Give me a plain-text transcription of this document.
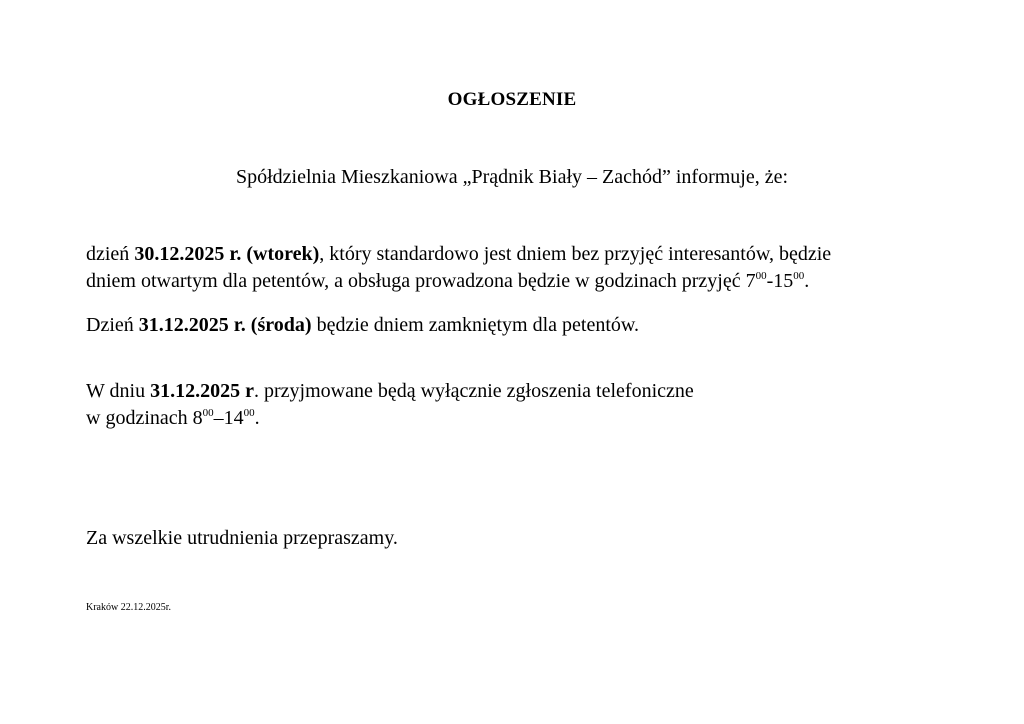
OGŁOSZENIE
Spółdzielnia Mieszkaniowa „Prądnik Biały – Zachód” informuje, że:
dzień 30.12.2025 r. (wtorek), który standardowo jest dniem bez przyjęć interesantów, będzie
dniem otwartym dla petentów, a obsługa prowadzona będzie w godzinach przyjęć $7^{00}-15^{00}$.
Dzień 31.12.2025 r. (środa) będzie dniem zamkniętym dla petentów.
W dniu 31.12.2025 r. przyjmowane będą wyłącznie zgłoszenia telefoniczne
w godzinach $8^{00}-14^{00}$.
Za wszelkie utrudnienia przepraszamy.
Kraków 22.12.2025r.
